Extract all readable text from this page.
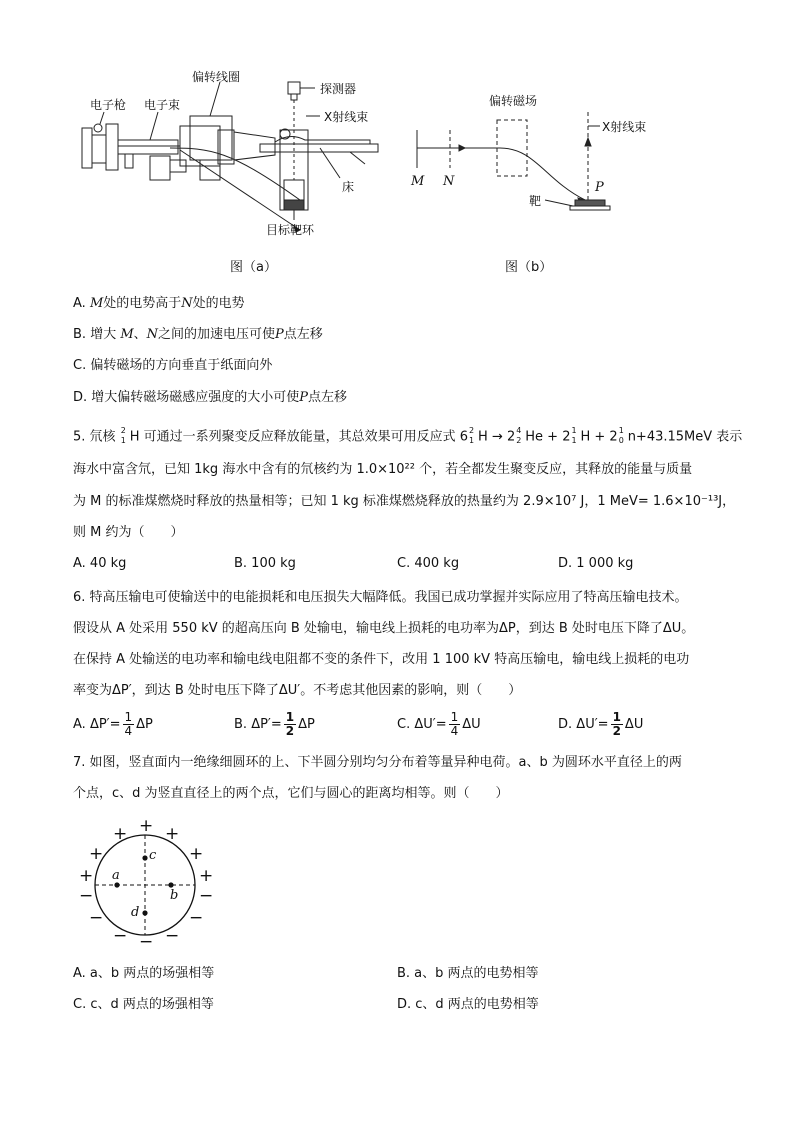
电子枪 电子束
偏转线圈
探测器
X射线束
床
目标靶环
图（a）
偏转磁场
X射线束
M N	P
靶
图（b）
A. M处的电势高于N处的电势
B. 增大 M、N之间的加速电压可使P点左移
C. 偏转磁场的方向垂直于纸面向外
D. 增大偏转磁场磁感应强度的大小可使P点左移
5. 氘核 2
1 H 可通过一系列聚变反应释放能量，其总效果可用反应式 6 2
1 H → 2 4
2 He + 2 1
1 H + 2 1
0 n+43.15MeV 表示
海水中富含氘，已知 1kg 海水中含有的氘核约为 1.0×10²² 个，若全都发生聚变反应，其释放的能量与质量
为 M 的标准煤燃烧时释放的热量相等；已知 1 kg 标准煤燃烧释放的热量约为 2.9×10⁷ J，1 MeV= 1.6×10⁻¹³J，
则 M 约为（　　）
A. 40 kg	B. 100 kg	C. 400 kg	D. 1 000 kg
6. 特高压输电可使输送中的电能损耗和电压损失大幅降低。我国已成功掌握并实际应用了特高压输电技术。
假设从 A 处采用 550 kV 的超高压向 B 处输电，输电线上损耗的电功率为ΔP，到达 B 处时电压下降了ΔU。
在保持 A 处输送的电功率和输电线电阻都不变的条件下，改用 1 100 kV 特高压输电，输电线上损耗的电功
率变为ΔP′，到达 B 处时电压下降了ΔU′。不考虑其他因素的影响，则（　　）
A. $\Delta P'= \frac{1}{4}$ ΔP	B. $\Delta P'= \frac{1}{2}$ ΔP	C. $\Delta U'= \frac{1}{4}$ ΔU	D. $\Delta U'= \frac{1}{2}$ ΔU
7. 如图，竖直面内一绝缘细圆环的上、下半圆分别均匀分布着等量异种电荷。a、b 为圆环水平直径上的两
个点，c、d 为竖直直径上的两个点，它们与圆心的距离均相等。则（　　）
+
+ +
+	+
+	+
−	−
−	−
− −
−
a
b
c
d
A. a、b 两点的场强相等	B. a、b 两点的电势相等
C. c、d 两点的场强相等	D. c、d 两点的电势相等
